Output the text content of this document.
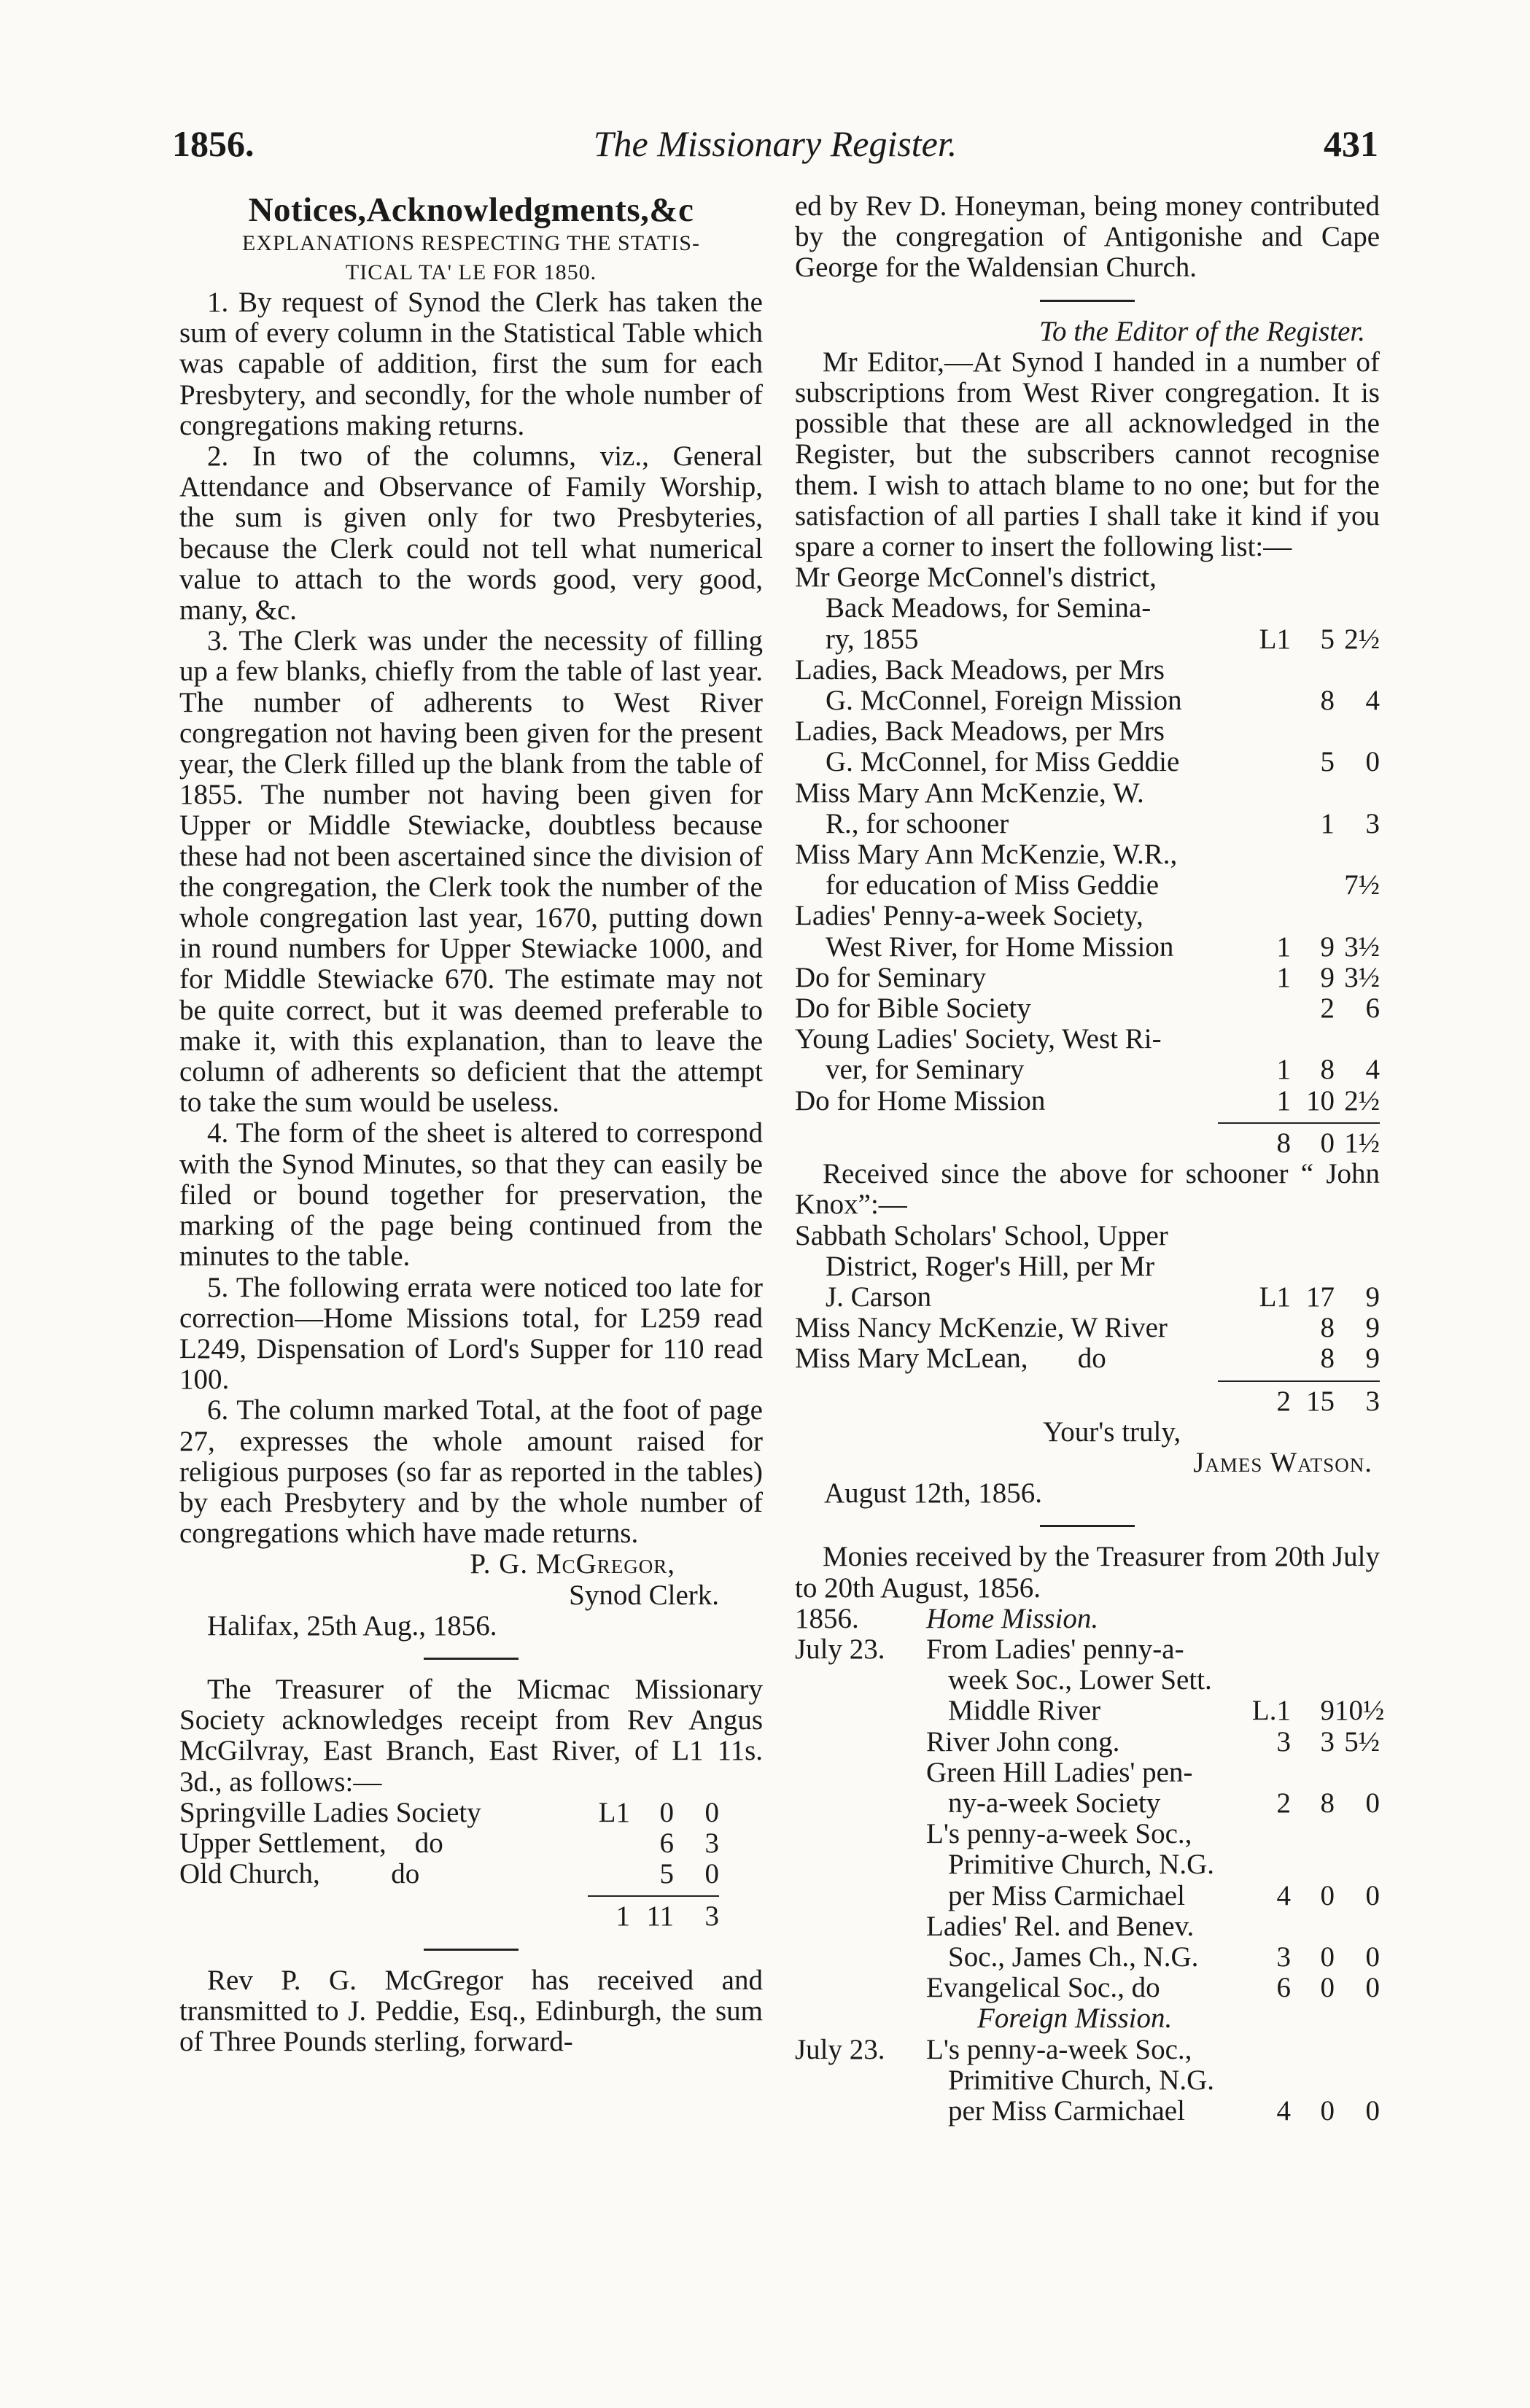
1856.	The Missionary Register.	431
Notices,Acknowledgments,&c
EXPLANATIONS RESPECTING THE STATIS-
TICAL TA' LE FOR 1850.

1. By request of Synod the Clerk has taken the sum of every column in the Statistical Table which was capable of addition, first the sum for each Presbytery, and secondly, for the whole number of congregations making returns.

2. In two of the columns, viz., General Attendance and Observance of Family Worship, the sum is given only for two Presbyteries, because the Clerk could not tell what numerical value to attach to the words good, very good, many, &c.

3. The Clerk was under the necessity of filling up a few blanks, chiefly from the table of last year. The number of adherents to West River congregation not having been given for the present year, the Clerk filled up the blank from the table of 1855. The number not having been given for Upper or Middle Stewiacke, doubtless because these had not been ascertained since the division of the congregation, the Clerk took the number of the whole congregation last year, 1670, putting down in round numbers for Upper Stewiacke 1000, and for Middle Stewiacke 670. The estimate may not be quite correct, but it was deemed preferable to make it, with this explanation, than to leave the column of adherents so deficient that the attempt to take the sum would be useless.

4. The form of the sheet is altered to correspond with the Synod Minutes, so that they can easily be filed or bound together for preservation, the marking of the page being continued from the minutes to the table.

5. The following errata were noticed too late for correction—Home Missions total, for L259 read L249, Dispensation of Lord's Supper for 110 read 100.

6. The column marked Total, at the foot of page 27, expresses the whole amount raised for religious purposes (so far as reported in the tables) by each Presbytery and by the whole number of congregations which have made returns.

P. G. McGregor,
Synod Clerk.
Halifax, 25th Aug., 1856.

The Treasurer of the Micmac Missionary Society acknowledges receipt from Rev Angus McGilvray, East Branch, East River, of L1 11s. 3d., as follows:—

Springville Ladies Society	L1	0	0
Upper Settlement,    do	6	3
Old Church,          do	5	0
1 11	3

Rev P. G. McGregor has received and transmitted to J. Peddie, Esq., Edinburgh, the sum of Three Pounds sterling, forward-

ed by Rev D. Honeyman, being money contributed by the congregation of Antigonishe and Cape George for the Waldensian Church.

To the Editor of the Register.

Mr Editor,—At Synod I handed in a number of subscriptions from West River congregation. It is possible that these are all acknowledged in the Register, but the subscribers cannot recognise them. I wish to attach blame to no one; but for the satisfaction of all parties I shall take it kind if you spare a corner to insert the following list:—

Mr George McConnel's district,
Back Meadows, for Semina-
ry, 1855	L1	5 2½
Ladies, Back Meadows, per Mrs
G. McConnel, Foreign Mission	8	4
Ladies, Back Meadows, per Mrs
G. McConnel, for Miss Geddie	5	0
Miss Mary Ann McKenzie, W.
R., for schooner	1	3
Miss Mary Ann McKenzie, W.R.,
for education of Miss Geddie	7½
Ladies' Penny-a-week Society,
West River, for Home Mission	1	9 3½
Do for Seminary	1	9 3½
Do for Bible Society	2	6
Young Ladies' Society, West Ri-
ver, for Seminary	1	8	4
Do for Home Mission	1 10 2½
8	0 1½

Received since the above for schooner “ John Knox”:—

Sabbath Scholars' School, Upper
District, Roger's Hill, per Mr
J. Carson	L1 17	9
Miss Nancy McKenzie, W River	8	9
Miss Mary McLean,       do	8	9
2 15	3
Your's truly,
James Watson.
August 12th, 1856.

Monies received by the Treasurer from 20th July to 20th August, 1856.

1856.	Home Mission.
July 23.	From Ladies' penny-a-
week Soc., Lower Sett.
Middle River	L.1	9 10½
River John cong.	3	3 5½
Green Hill Ladies' pen-
ny-a-week Society	2	8	0
L's penny-a-week Soc.,
Primitive Church, N.G.
per Miss Carmichael	4	0	0
Ladies' Rel. and Benev.
Soc., James Ch., N.G.	3	0	0
Evangelical Soc., do	6	0	0
Foreign Mission.
July 23.	L's penny-a-week Soc.,
Primitive Church, N.G.
per Miss Carmichael	4	0	0
